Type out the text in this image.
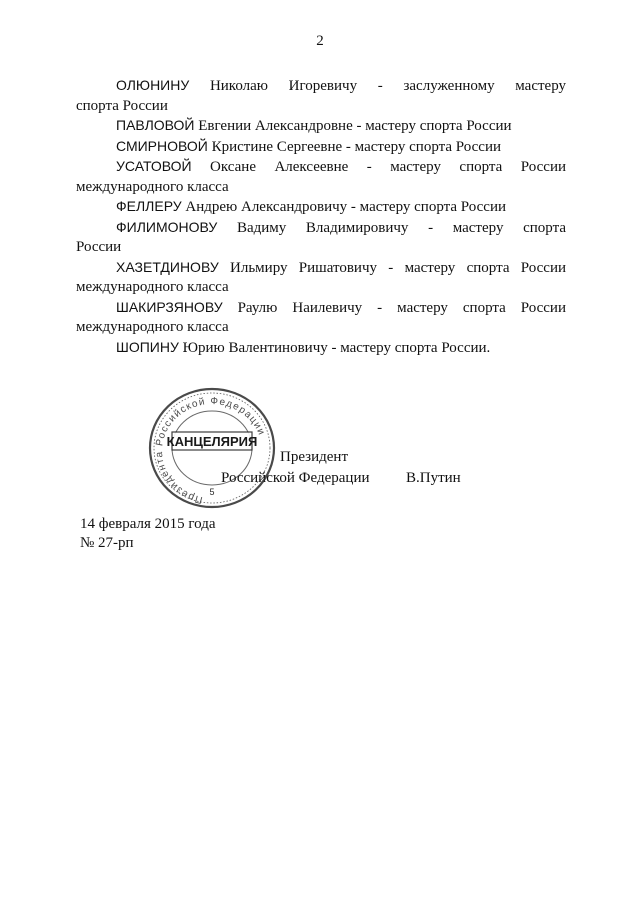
2

ОЛЮНИНУ Николаю Игоревичу - заслуженному мастеру
спорта России

ПАВЛОВОЙ Евгении Александровне - мастеру спорта России

СМИРНОВОЙ Кристине Сергеевне - мастеру спорта России

УСАТОВОЙ Оксане Алексеевне - мастеру спорта России
международного класса

ФЕЛЛЕРУ Андрею Александровичу - мастеру спорта России

ФИЛИМОНОВУ Вадиму Владимировичу - мастеру спорта
России

ХАЗЕТДИНОВУ Ильмиру Ришатовичу - мастеру спорта России
международного класса

ШАКИРЗЯНОВУ Раулю Наилевичу - мастеру спорта России
международного класса

ШОПИНУ Юрию Валентиновичу - мастеру спорта России.

Президент
Российской Федерации В.Путин
Президента Российской Федерации
КАНЦЕЛЯРИЯ
5
14 февраля 2015 года
№ 27-рп
